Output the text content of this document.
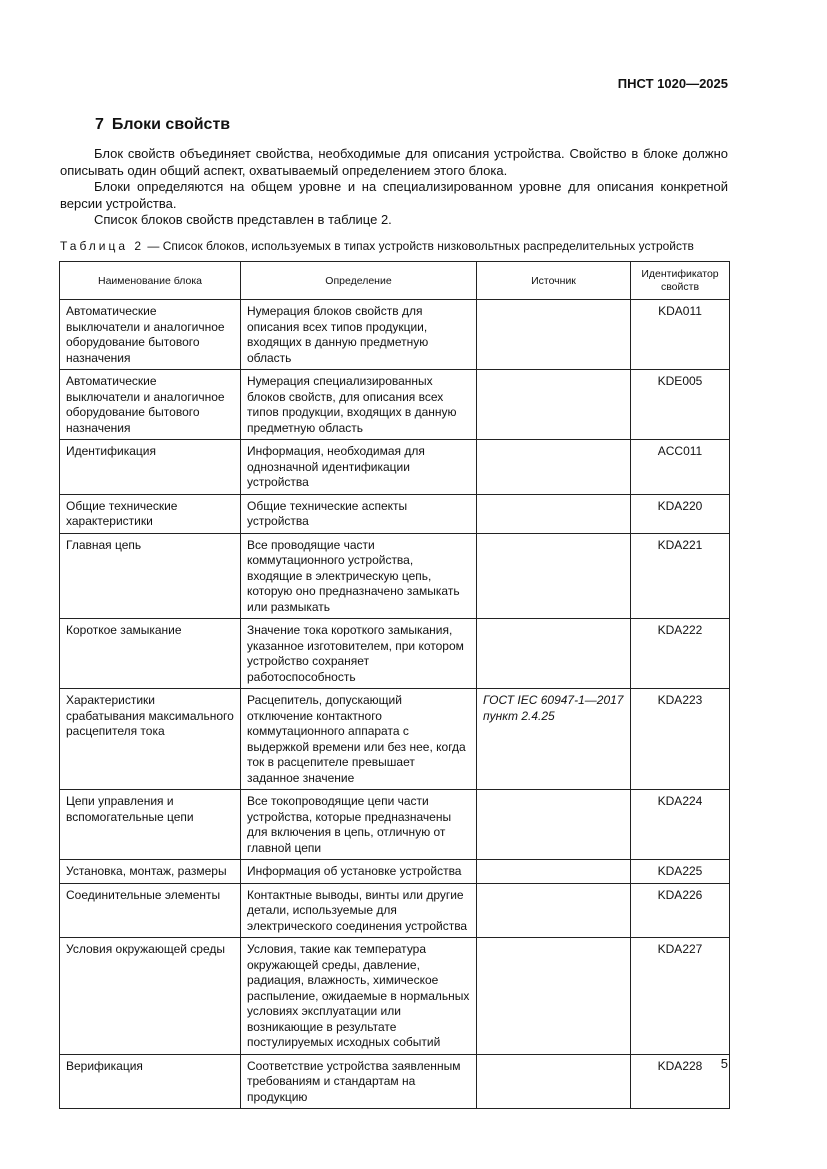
ПНСТ 1020—2025
7 Блоки свойств

Блок свойств объединяет свойства, необходимые для описания устройства. Свойство в блоке должно описывать один общий аспект, охватываемый определением этого блока.

Блоки определяются на общем уровне и на специализированном уровне для описания конкретной версии устройства.

Список блоков свойств представлен в таблице 2.

Таблица 2 — Список блоков, используемых в типах устройств низковольтных распределительных устройств
Наименование блока	Определение	Источник	Идентификатор свойств
Автоматические выключатели и аналогичное оборудование бытового назначения	Нумерация блоков свойств для описания всех типов продукции, входящих в данную предметную область		KDA011
Автоматические выключатели и аналогичное оборудование бытового назначения	Нумерация специализированных блоков свойств, для описания всех типов продукции, входящих в данную предметную область		KDE005
Идентификация	Информация, необходимая для однозначной идентификации устройства		ACC011
Общие технические характеристики	Общие технические аспекты устройства		KDA220
Главная цепь	Все проводящие части коммутационного устройства, входящие в электрическую цепь, которую оно предназначено замыкать или размыкать		KDA221
Короткое замыкание	Значение тока короткого замыкания, указанное изготовителем, при котором устройство сохраняет работоспособность		KDA222
Характеристики срабатывания максимального расцепителя тока	Расцепитель, допускающий отключение контактного коммутационного аппарата с выдержкой времени или без нее, когда ток в расцепителе превышает заданное значение	ГОСТ IEC 60947-1—2017 пункт 2.4.25	KDA223
Цепи управления и вспомогательные цепи	Все токопроводящие цепи части устройства, которые предназначены для включения в цепь, отличную от главной цепи		KDA224
Установка, монтаж, размеры	Информация об установке устройства		KDA225
Соединительные элементы	Контактные выводы, винты или другие детали, используемые для электрического соединения устройства		KDA226
Условия окружающей среды	Условия, такие как температура окружающей среды, давление, радиация, влажность, химическое распыление, ожидаемые в нормальных условиях эксплуатации или возникающие в результате постулируемых исходных событий		KDA227
Верификация	Соответствие устройства заявленным требованиям и стандартам на продукцию		KDA228 5
